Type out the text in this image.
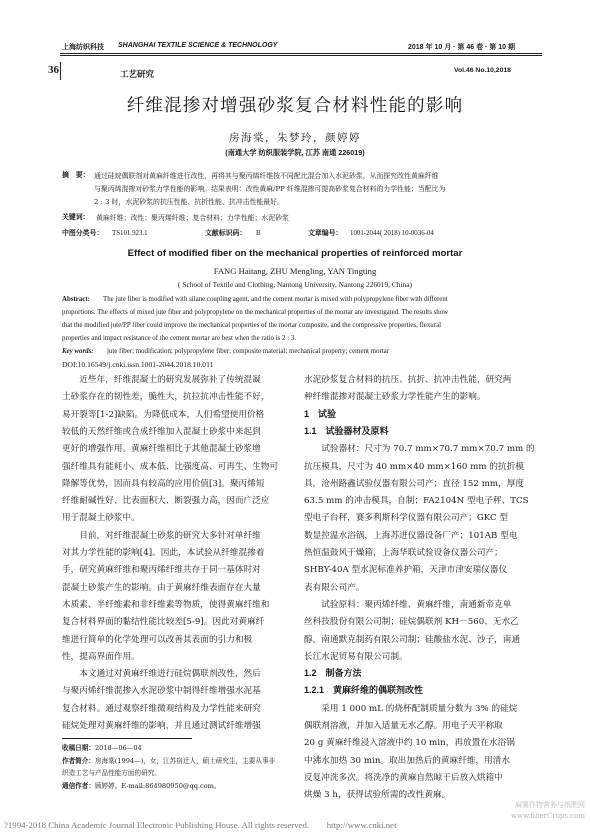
上海纺织科技 SHANGHAI TEXTILE SCIENCE & TECHNOLOGY	2018 年 10 月 · 第 46 卷 · 第 10 期
36	工艺研究	Vol.46 No.10,2018
纤维混掺对增强砂浆复合材料性能的影响
房海棠，朱梦玲，颜婷婷
(南通大学 纺织服装学院, 江苏 南通 226019)
摘　要： 通过硅烷偶联剂对黄麻纤维进行改性，再将其与聚丙烯纤维按不同配比混合加入水泥砂浆，从而探究改性黄麻纤维
与聚丙烯混掺对砂浆力学性能的影响。结果表明：改性黄麻/PP 纤维混掺可提高砂浆复合材料的力学性能；当配比为
2 : 3 时，水泥砂浆的抗压性能、抗折性能、抗冲击性能最好。
关键词： 黄麻纤维；改性；聚丙烯纤维；复合材料；力学性能；水泥砂浆
中图分类号： TS101.923.1	文献标识码： B	文章编号： 1001-2044( 2018) 10-0036-04
Effect of modified fiber on the mechanical properties of reinforced mortar
FANG Haitang, ZHU Mengling, YAN Tingting
( School of Textile and Clothing, Nantong University, Nantong 226019, China)
Abstract: The jute fiber is modified with silane coupling agent, and the cement mortar is mixed with polypropylene fiber with different
proportions. The effects of mixed jute fiber and polypropylene on the mechanical properties of the mortar are investigated. The results show
that the modified jute/PP fiber could improve the mechanical properties of the mortar composite, and the compressive properties, flexural
properties and impact resistance of the cement mortar are best when the ratio is 2 : 3.
Key words: jute fiber; modification; polypropylene fiber; composite material; mechanical property; cement mortar
DOI:10.16549/j.cnki.issn.1001-2044.2018.10.011
　　近些年，纤维混凝土的研究发展弥补了传统混凝
土砂浆存在的韧性差，脆性大，抗拉抗冲击性能不好，
易开裂等[1-2]缺陷。为降低成本，人们希望使用价格
较低的天然纤维或合成纤维加入混凝土砂浆中来起到
更好的增强作用。黄麻纤维相比于其他混凝土砂浆增
强纤维具有能耗小、成本低、比强度高、可再生、生物可
降解等优势，因而具有较高的应用价值[3]。聚丙烯短
纤维耐碱性好、比表面积大、断裂强力高，因而广泛应
用于混凝土砂浆中。
　　目前，对纤维混凝土砂浆的研究大多针对单纤维
对其力学性能的影响[4]。因此，本试验从纤维混掺着
手，研究黄麻纤维和聚丙烯纤维共存于同一基体时对
混凝土砂浆产生的影响。由于黄麻纤维表面存在大量
木质素、半纤维素和非纤维素等物质，使得黄麻纤维和
复合材料界面的黏结性能比较差[5-9]。因此对黄麻纤
维进行简单的化学处理可以改善其表面的引力和极
性，提高界面作用。
　　本文通过对黄麻纤维进行硅烷偶联剂改性，然后
与聚丙烯纤维混掺入水泥砂浆中制得纤维增强水泥基
复合材料。通过观察纤维微观结构及力学性能来研究
硅烷处理对黄麻纤维的影响，并且通过测试纤维增强
收稿日期：2018—06—04
作者简介：房海棠(1994—)，女，江苏宿迁人，硕士研究生，主要从事非
织造工艺与产品性能方面的研究。
通信作者：顾婷婷。E-mail:864980950@qq.com。
水泥砂浆复合材料的抗压、抗折、抗冲击性能，研究两
种纤维混掺对混凝土砂浆力学性能产生的影响。
1　试验
1.1　试验器材及原料
　　试验器材：尺寸为 70.7 mm×70.7 mm×70.7 mm 的
抗压模具，尺寸为 40 mm×40 mm×160 mm 的抗折模
具，沧州路鑫试验仪器有限公司产；直径 152 mm，厚度
63.5 mm 的冲击模具，自制；FA2104N 型电子秤、TCS
型电子台秤，赛多利斯科学仪器有限公司产；GKC 型
数显控温水浴锅，上海苏进仪器设备厂产；101AB 型电
热恒温鼓风干燥箱，上海华联试验设备仪器公司产；
SHBY-40A 型水泥标准养护箱，天津市津安瑞仪器仪
表有限公司产。
　　试验原料：聚丙烯纤维、黄麻纤维，南通新帝克单
丝科技股份有限公司制；硅烷偶联剂 KH－560、无水乙
醇，南通默克制药有限公司制；硅酸盐水泥、沙子，南通
长江水泥贸易有限公司制。
1.2　制备方法
1.2.1　黄麻纤维的偶联剂改性
　　采用 1 000 mL 的烧杯配制质量分数为 3% 的硅烷
偶联剂溶液，并加入适量无水乙醇。用电子天平称取
20 g 黄麻纤维浸入溶液中约 10 min，再放置在水浴锅
中沸水加热 30 min。取出加热后的黄麻纤维，用清水
反复冲洗多次。将洗净的黄麻自然晾干后放入烘箱中
烘燥 3 h，获得试验所需的改性黄麻。
?1994-2018 China Academic Journal Electronic Publishing House. All rights reserved.　　http://www.cnki.net
麻赛作物营养与纸肥网 www.fiberCrops.com
